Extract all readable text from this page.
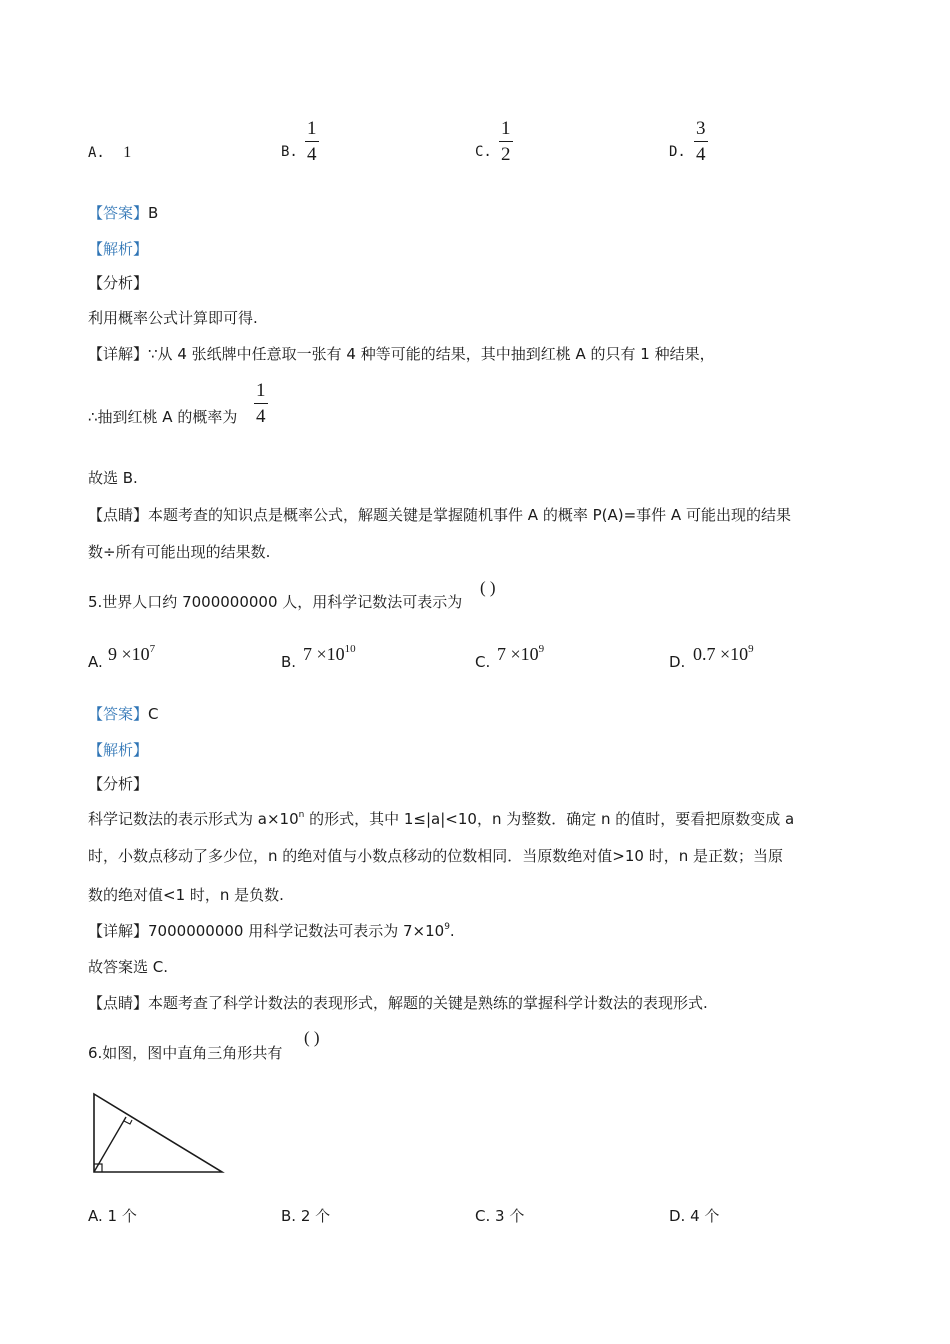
A. 1	B. $\frac{1}{4}$	C. $\frac{1}{2}$	D. $\frac{3}{4}$
【答案】B
【解析】
【分析】
利用概率公式计算即可得.
【详解】∵从 4 张纸牌中任意取一张有 4 种等可能的结果，其中抽到红桃 A 的只有 1 种结果，
∴抽到红桃 A 的概率为 $\frac{1}{4}$
故选 B.
【点睛】本题考查的知识点是概率公式，解题关键是掌握随机事件 A 的概率 P(A)=事件 A 可能出现的结果
数÷所有可能出现的结果数.
5.世界人口约 7000000000 人，用科学记数法可表示为
( )
A. $9 \times 10^7$
B. $7 \times 10^{10}$
C. $7 \times 10^9$
D. $0.7 \times 10^9$
【答案】C
【解析】
【分析】
科学记数法的表示形式为 $a\times 10^n$ 的形式，其中 1≤|a|<10，n 为整数．确定 n 的值时，要看把原数变成 a
时，小数点移动了多少位，n 的绝对值与小数点移动的位数相同．当原数绝对值>10 时，n 是正数；当原
数的绝对值<1 时，n 是负数.
【详解】7000000000 用科学记数法可表示为 $7\times 10^9$.
故答案选 C.
【点睛】本题考查了科学计数法的表现形式，解题的关键是熟练的掌握科学计数法的表现形式.
6.如图，图中直角三角形共有
( )
A. 1 个	B. 2 个	C. 3 个	D. 4 个
